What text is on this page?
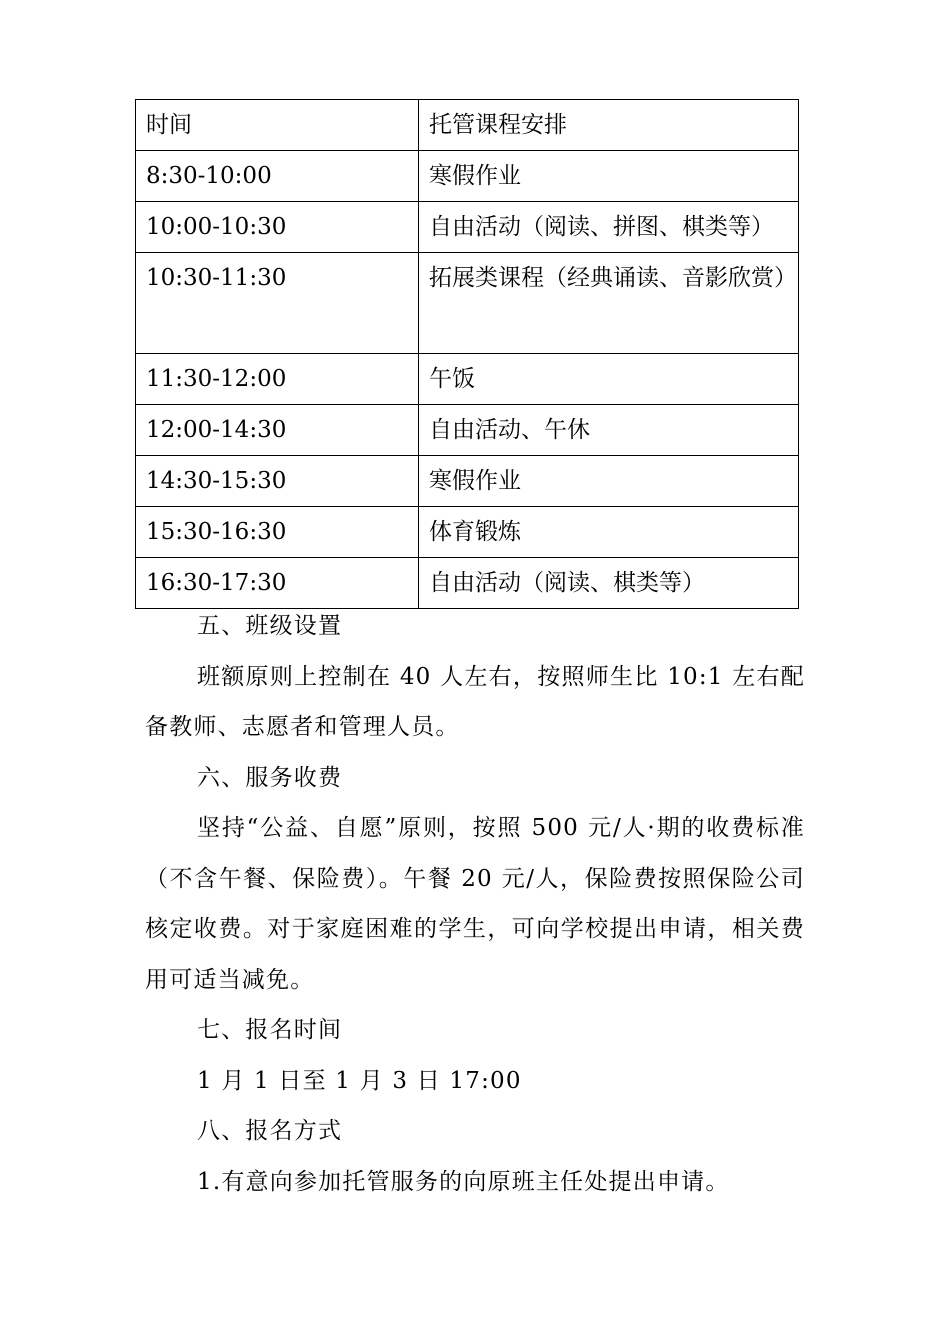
时间	托管课程安排
8:30-10:00	寒假作业
10:00-10:30	自由活动（阅读、拼图、棋类等）
10:30-11:30	拓展类课程（经典诵读、音影欣赏）
11:30-12:00	午饭
12:00-14:30	自由活动、午休
14:30-15:30	寒假作业
15:30-16:30	体育锻炼
16:30-17:30	自由活动（阅读、棋类等）

五、班级设置

班额原则上控制在 40 人左右，按照师生比 10:1 左右配备教师、志愿者和管理人员。

六、服务收费

坚持“公益、自愿”原则，按照 500 元/人·期的收费标准（不含午餐、保险费）。午餐 20 元/人，保险费按照保险公司核定收费。对于家庭困难的学生，可向学校提出申请，相关费用可适当减免。

七、报名时间

1 月 1 日至 1 月 3 日 17:00

八、报名方式

1.有意向参加托管服务的向原班主任处提出申请。
